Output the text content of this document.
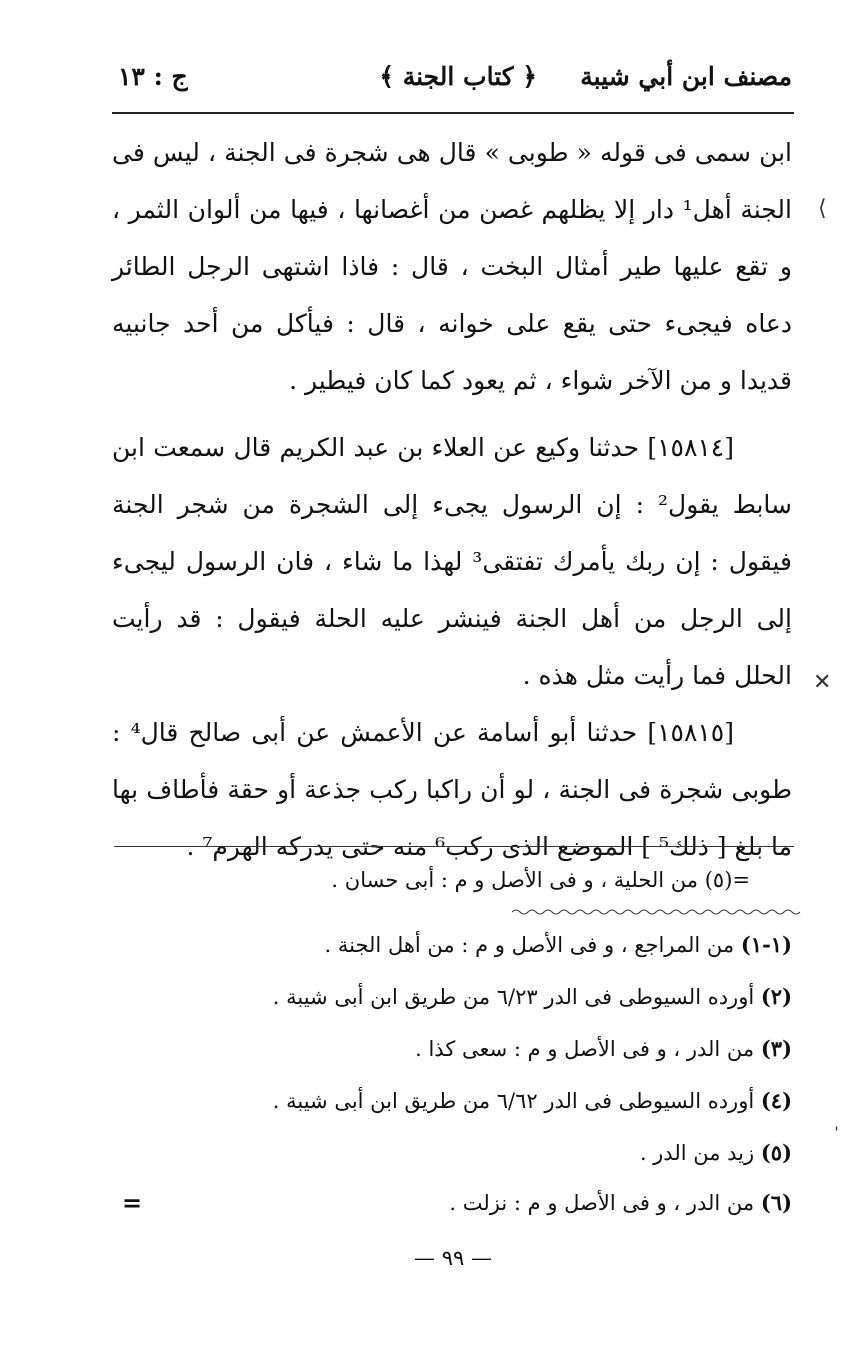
مصنف ابن أبي شيبة
﴿ كتاب الجنة ﴾
ج : ١٣

ابن سمى فى قوله « طوبى » قال هى شجرة فى الجنة ، ليس فى الجنة أهل¹ دار إلا يظلهم غصن من أغصانها ، فيها من ألوان الثمر ، و تقع عليها طير أمثال البخت ، قال : فاذا اشتهى الرجل الطائر دعاه فيجىء حتى يقع على خوانه ، قال : فيأكل من أحد جانبيه قديدا و من الآخر شواء ، ثم يعود كما كان فيطير .

[١٥٨١٤] حدثنا وكيع عن العلاء بن عبد الكريم قال سمعت ابن سابط يقول² : إن الرسول يجىء إلى الشجرة من شجر الجنة فيقول : إن ربك يأمرك تفتقى³ لهذا ما شاء ، فان الرسول ليجىء إلى الرجل من أهل الجنة فينشر عليه الحلة فيقول : قد رأيت الحلل فما رأيت مثل هذه .

[١٥٨١٥] حدثنا أبو أسامة عن الأعمش عن أبى صالح قال⁴ : طوبى شجرة فى الجنة ، لو أن راكبا ركب جذعة أو حقة فأطاف بها ما بلغ [ ذلك⁵ ] الموضع الذى ركب⁶ منه حتى يدركه الهرم⁷ .

=(٥) من الحلية ، و فى الأصل و م : أبى حسان .
(١-١) من المراجع ، و فى الأصل و م : من أهل الجنة .
(٢) أورده السيوطى فى الدر ٦/٢٣ من طريق ابن أبى شيبة .
(٣) من الدر ، و فى الأصل و م : سعى كذا .
(٤) أورده السيوطى فى الدر ٦/٦٢ من طريق ابن أبى شيبة .
(٥) زيد من الدر .
(٦) من الدر ، و فى الأصل و م : نزلت .
=
— ٩٩ —
⟨
✕
ˈ
